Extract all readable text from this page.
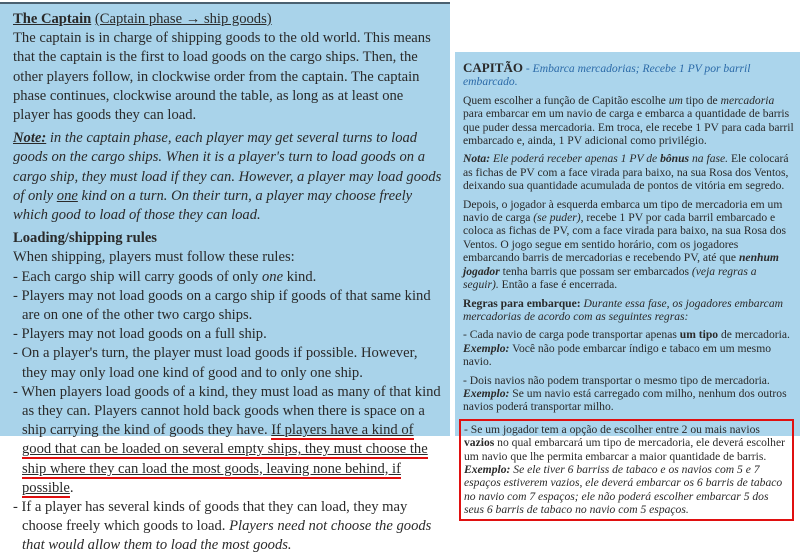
The Captain (Captain phase → ship goods)
The captain is in charge of shipping goods to the old world. This means that the captain is the first to load goods on the cargo ships. Then, the other players follow, in clockwise order from the captain. The captain phase continues, clockwise around the table, as long as at least one player has goods they can load.

Note: in the captain phase, each player may get several turns to load goods on the cargo ships. When it is a player's turn to load goods on a cargo ship, they must load if they can. However, a player may load goods of only one kind on a turn. On their turn, a player may choose freely which good to load of those they can load.

Loading/shipping rules
When shipping, players must follow these rules:
- Each cargo ship will carry goods of only one kind.
- Players may not load goods on a cargo ship if goods of that same kind are on one of the other two cargo ships.
- Players may not load goods on a full ship.
- On a player's turn, the player must load goods if possible. However, they may only load one kind of good and to only one ship.
- When players load goods of a kind, they must load as many of that kind as they can. Players cannot hold back goods when there is space on a ship carrying the kind of goods they have. If players have a kind of good that can be loaded on several empty ships, they must choose the ship where they can load the most goods, leaving none behind, if possible.
- If a player has several kinds of goods that they can load, they may choose freely which goods to load. Players need not choose the goods that would allow them to load the most goods.

CAPITÃO - Embarca mercadorias; Recebe 1 PV por barril embarcado.

Quem escolher a função de Capitão escolhe um tipo de mercadoria para embarcar em um navio de carga e embarca a quantidade de barris que puder dessa mercadoria. Em troca, ele recebe 1 PV para cada barril embarcado e, ainda, 1 PV adicional como privilégio.

Nota: Ele poderá receber apenas 1 PV de bônus na fase. Ele colocará as fichas de PV com a face virada para baixo, na sua Rosa dos Ventos, deixando sua quantidade acumulada de pontos de vitória em segredo.

Depois, o jogador à esquerda embarca um tipo de mercadoria em um navio de carga (se puder), recebe 1 PV por cada barril embarcado e coloca as fichas de PV, com a face virada para baixo, na sua Rosa dos Ventos. O jogo segue em sentido horário, com os jogadores embarcando barris de mercadorias e recebendo PV, até que nenhum jogador tenha barris que possam ser embarcados (veja regras a seguir). Então a fase é encerrada.

Regras para embarque: Durante essa fase, os jogadores embarcam mercadorias de acordo com as seguintes regras:

- Cada navio de carga pode transportar apenas um tipo de mercadoria.
Exemplo: Você não pode embarcar índigo e tabaco em um mesmo navio.

- Dois navios não podem transportar o mesmo tipo de mercadoria.
Exemplo: Se um navio está carregado com milho, nenhum dos outros navios poderá transportar milho.

- Se um jogador tem a opção de escolher entre 2 ou mais navios vazios no qual embarcará um tipo de mercadoria, ele deverá escolher um navio que lhe permita embarcar a maior quantidade de barris. Exemplo: Se ele tiver 6 barriss de tabaco e os navios com 5 e 7 espaços estiverem vazios, ele deverá embarcar os 6 barris de tabaco no navio com 7 espaços; ele não poderá escolher embarcar 5 dos seus 6 barris de tabaco no navio com 5 espaços.
